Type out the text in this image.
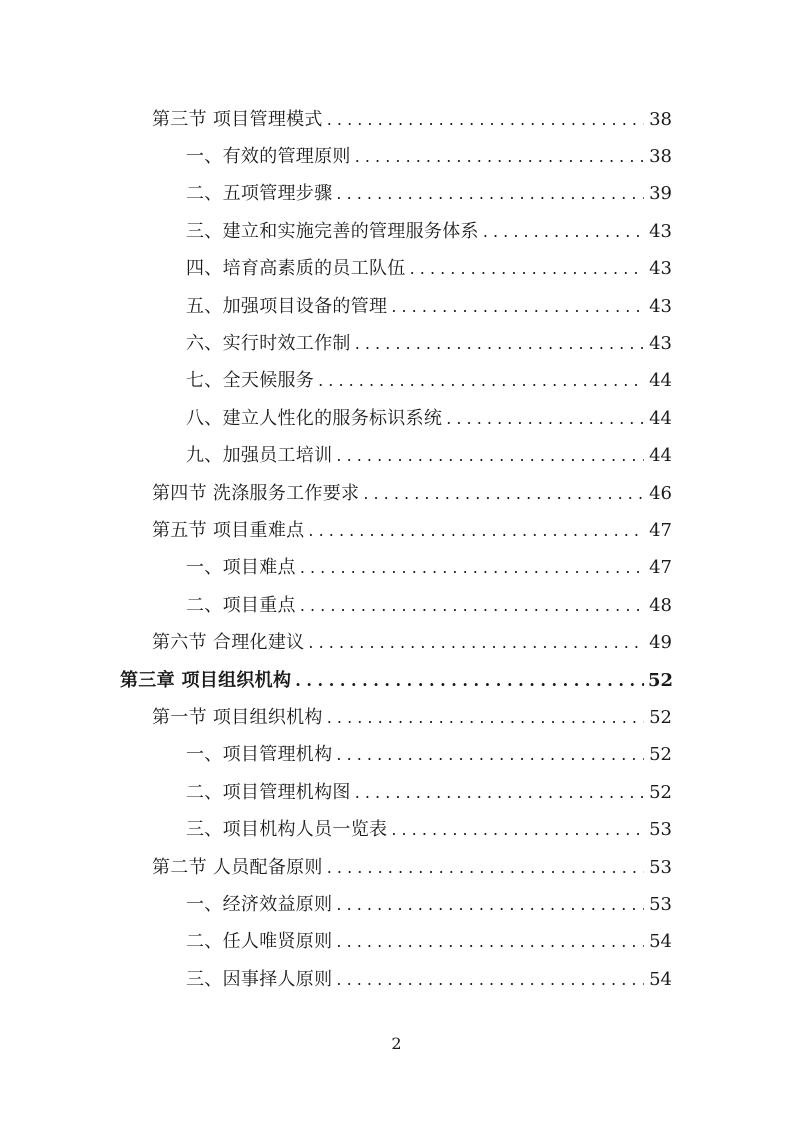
第三节 项目管理模式 . . .	38
一、有效的管理原则 . . .	38
二、五项管理步骤 . . .	39
三、建立和实施完善的管理服务体系 . . .	43
四、培育高素质的员工队伍 . . .	43
五、加强项目设备的管理 . . .	43
六、实行时效工作制 . . .	43
七、全天候服务 . . .	44
八、建立人性化的服务标识系统 . . .	44
九、加强员工培训 . . .	44
第四节 洗涤服务工作要求 . . .	46
第五节 项目重难点 . . .	47
一、项目难点 . . .	47
二、项目重点 . . .	48
第六节 合理化建议 . . .	49
第三章 项目组织机构 . . .	52
第一节 项目组织机构 . . .	52
一、项目管理机构 . . .	52
二、项目管理机构图 . . .	52
三、项目机构人员一览表 . . .	53
第二节 人员配备原则 . . .	53
一、经济效益原则 . . .	53
二、任人唯贤原则 . . .	54
三、因事择人原则 . . .	54
2
